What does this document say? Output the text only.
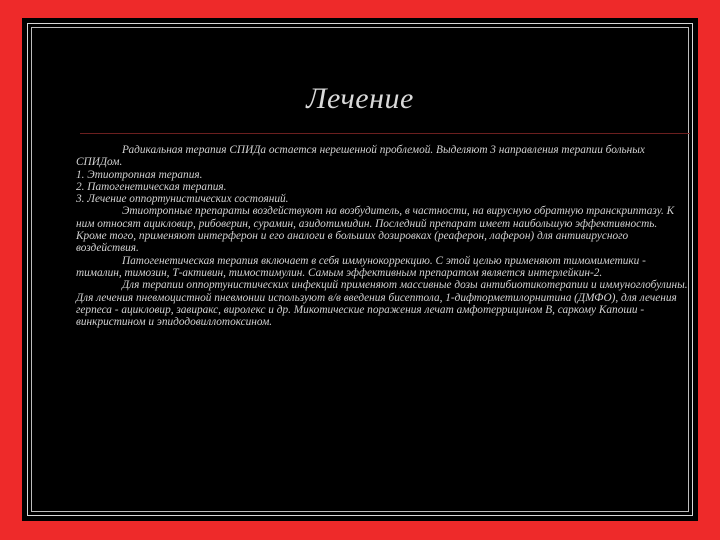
Лечение

Радикальная терапия СПИДа остается нерешенной проблемой. Выделяют 3 направления терапии больных СПИДом.

1. Этиотропная терапия.

2. Патогенетическая терапия.

3. Лечение оппортунистических состояний.

Этиотропные препараты воздействуют на возбудитель, в частности, на вирусную обратную транскриптазу. К ним относят ацикловир, рибоверин, сурамин, азидотимидин. Последний препарат имеет наибольшую эффективность. Кроме того, применяют интерферон и его аналоги в больших дозировках (реаферон, лаферон) для антивирусного воздействия.

Патогенетическая терапия включает в себя иммунокоррекцию. С этой целью применяют тимомиметики - тималин, тимозин, Т-активин, тимостимулин. Самым эффективным препаратом является интерлейкин-2.

Для терапии оппортунистических инфекций применяют массивные дозы антибиотикотерапии и иммуноглобулины. Для лечения пневмоцистной пневмонии используют в/в введения бисептола, 1-дифторметилорнитина (ДМФО), для лечения герпеса - ацикловир, завиракс, виролекс и др. Микотические поражения лечат амфотеррицином В, саркому Капоши - винкристином и эпидодовиллотоксином.
